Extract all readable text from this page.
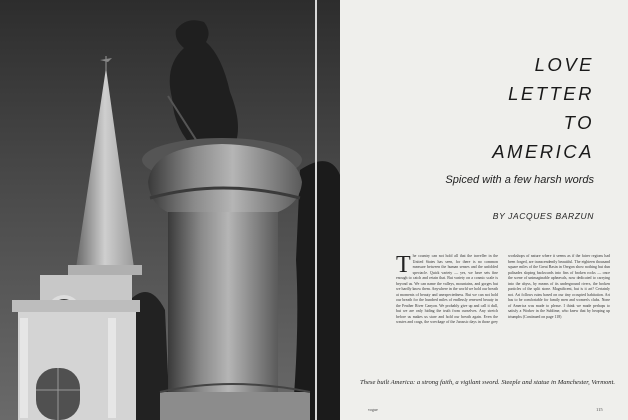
LOVE
LETTER
TO
AMERICA
Spiced with a few harsh words
BY JACQUES BARZUN
The country can not hold all that the traveller in the United States has seen, for there is no common measure between the human senses and the unfolded spectacle. Quick variety — yes, we have sets fine enough to catch and retain that. But variety on a cosmic scale is beyond us. We can name the valleys, mountains, and gorges but we hardly know them. Anywhere in the world we hold our breath at moments of beauty and unexpectedness. But we can not hold our breath for the hundred miles of endlessly renewed beauty in the Feather River Canyon. We probably give up and call it dull, but we are only hiding the truth from ourselves. Any stretch before us makes us stare and hold our breath again. Even the wastes and crags, the wreckage of the Jurassic days in those grey workshops of nature where it seems as if the fairer regions had been forged, are transcendently beautiful. The eighteen thousand square miles of the Great Basin in Oregon show nothing but dun palisades sloping backwards into fins of broken rocks — once the scene of unimaginable upheavals, now dedicated to carrying into the abyss, by means of its underground rivers, the broken particles of the split stone. Magnificent, but is it art? Certainly not. Art follows ruins based on our tiny occupied habitation. Art has to be comfortable for family men and women's clubs. None of America was made to please. I think we made perhaps to satisfy a Worker in the Sublime, who knew that by heaping up triumphs (Continued on page 118)
These built America: a strong faith, a vigilant sword. Steeple and statue in Manchester, Vermont.
vogue	115
